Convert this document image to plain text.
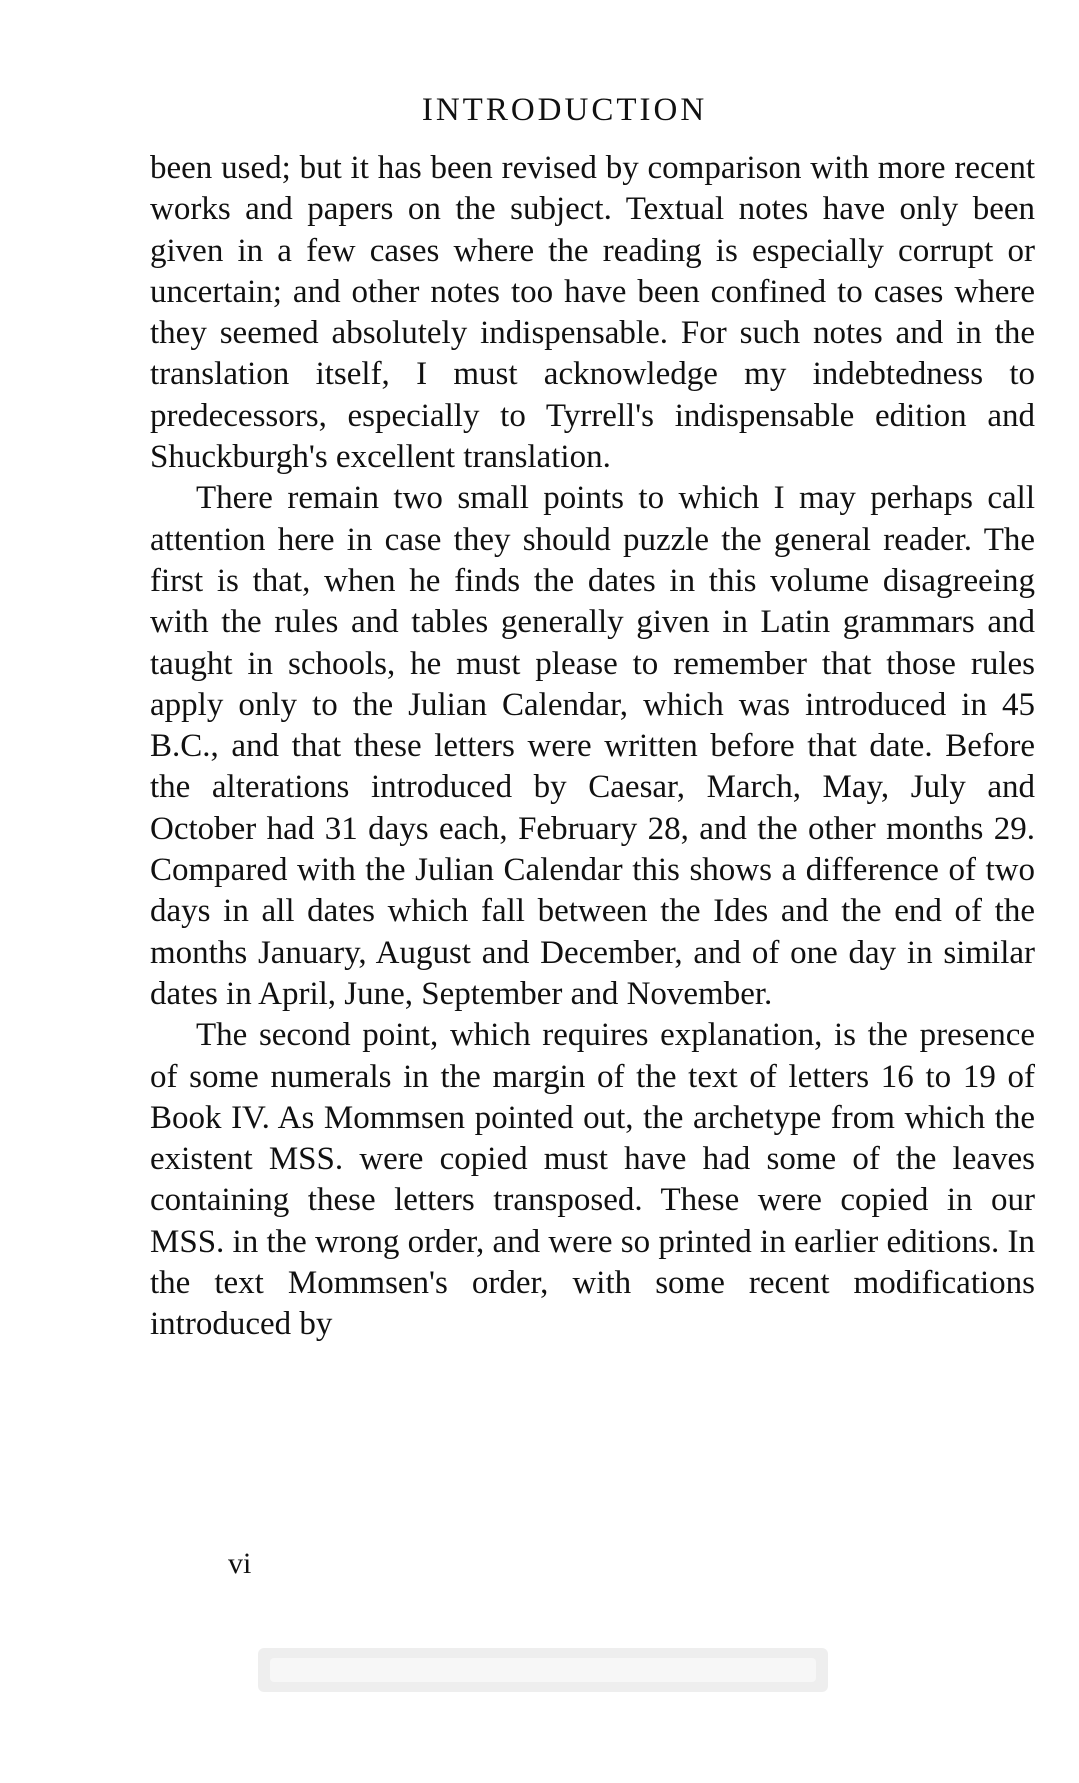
INTRODUCTION

been used; but it has been revised by comparison with more recent works and papers on the subject. Textual notes have only been given in a few cases where the reading is especially corrupt or uncertain; and other notes too have been confined to cases where they seemed absolutely indispensable. For such notes and in the translation itself, I must acknowledge my indebtedness to predecessors, especially to Tyrrell's indispensable edition and Shuckburgh's excellent translation.

There remain two small points to which I may perhaps call attention here in case they should puzzle the general reader. The first is that, when he finds the dates in this volume disagreeing with the rules and tables generally given in Latin grammars and taught in schools, he must please to remember that those rules apply only to the Julian Calendar, which was introduced in 45 B.C., and that these letters were written before that date. Before the alterations introduced by Caesar, March, May, July and October had 31 days each, February 28, and the other months 29. Compared with the Julian Calendar this shows a difference of two days in all dates which fall between the Ides and the end of the months January, August and December, and of one day in similar dates in April, June, September and November.

The second point, which requires explanation, is the presence of some numerals in the margin of the text of letters 16 to 19 of Book IV. As Mommsen pointed out, the archetype from which the existent MSS. were copied must have had some of the leaves containing these letters transposed. These were copied in our MSS. in the wrong order, and were so printed in earlier editions. In the text Mommsen's order, with some recent modifications introduced by

vi
